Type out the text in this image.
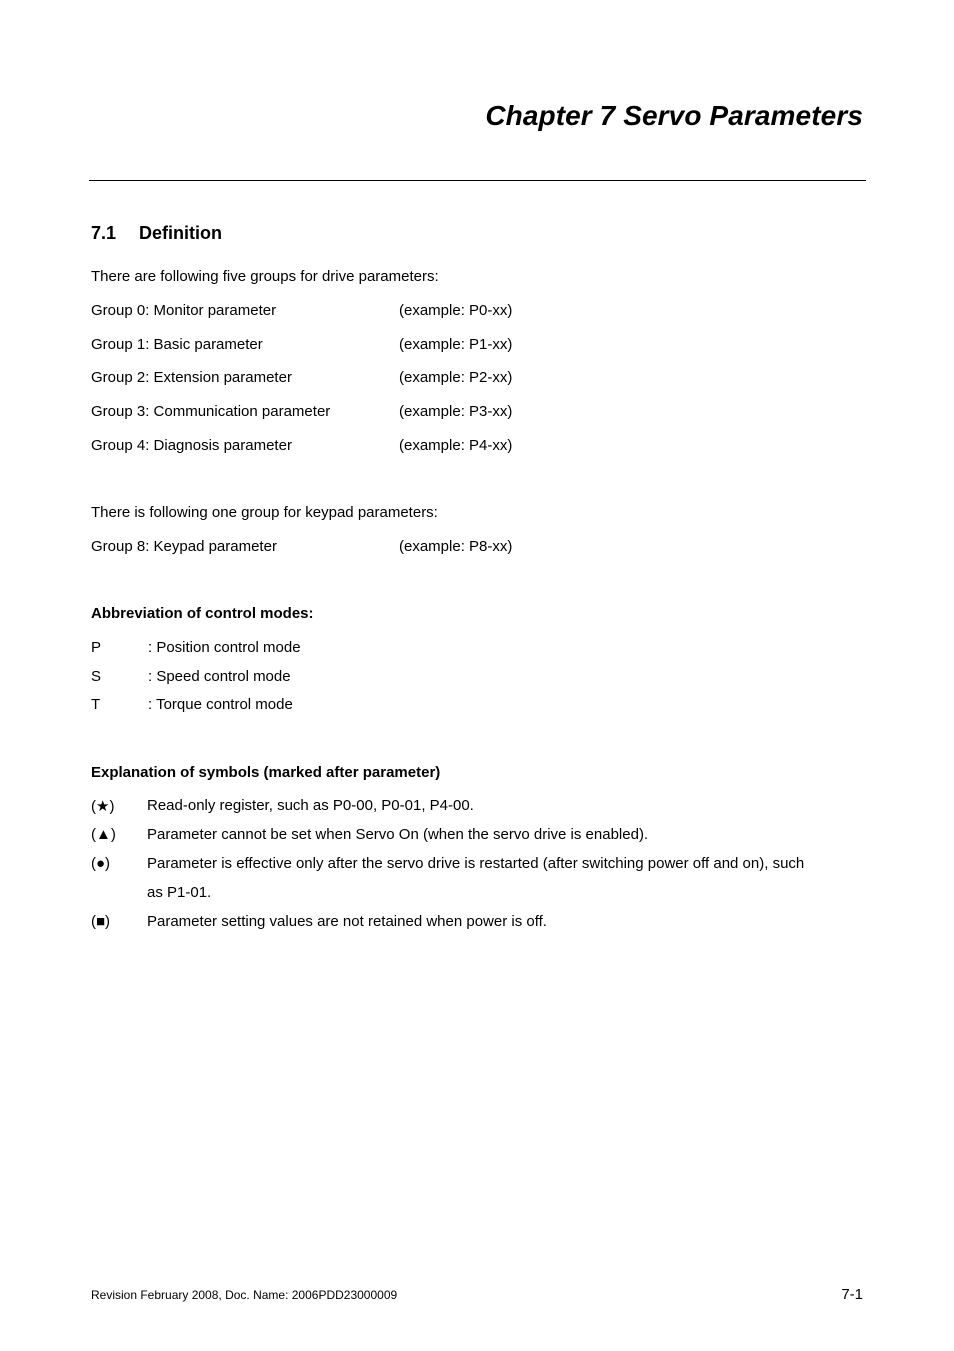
Chapter 7 Servo Parameters
7.1 Definition
There are following five groups for drive parameters:
Group 0: Monitor parameter	(example: P0-xx)
Group 1: Basic parameter	(example: P1-xx)
Group 2: Extension parameter	(example: P2-xx)
Group 3: Communication parameter	(example: P3-xx)
Group 4: Diagnosis parameter	(example: P4-xx)
There is following one group for keypad parameters:
Group 8: Keypad parameter	(example: P8-xx)
Abbreviation of control modes:
P	: Position control mode
S	: Speed control mode
T	: Torque control mode
Explanation of symbols (marked after parameter)
(★) Read-only register, such as P0-00, P0-01, P4-00.
(▲) Parameter cannot be set when Servo On (when the servo drive is enabled).
(●) Parameter is effective only after the servo drive is restarted (after switching power off and on), such
as P1-01.
(■) Parameter setting values are not retained when power is off.
Revision February 2008, Doc. Name: 2006PDD23000009	7-1
